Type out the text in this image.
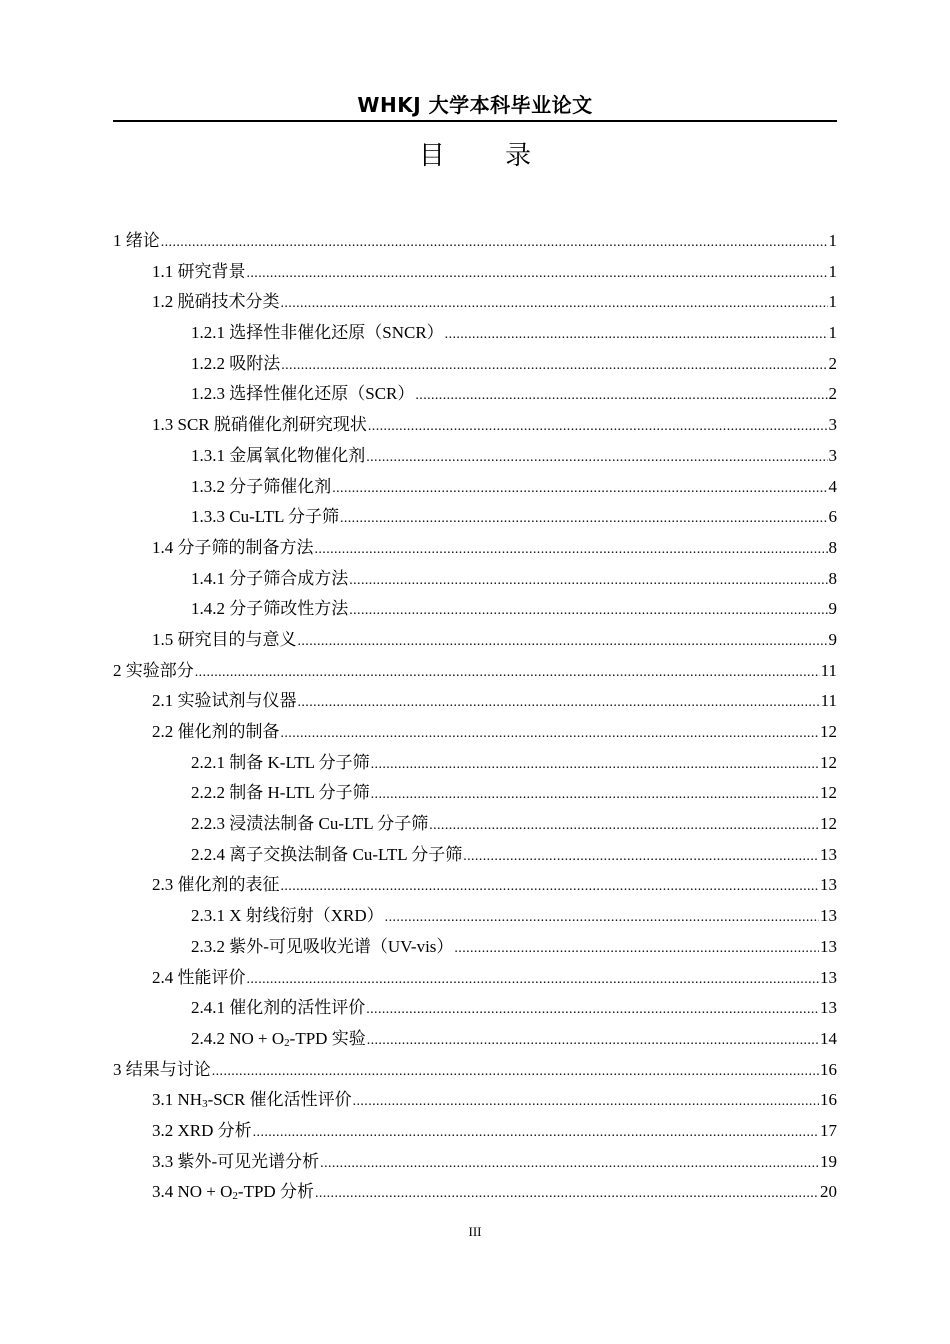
WHKJ 大学本科毕业论文
目 录
1 绪论 .....	1
1.1 研究背景 .....	1
1.2 脱硝技术分类 .....	1
1.2.1 选择性非催化还原（SNCR） .....	1
1.2.2 吸附法 .....	2
1.2.3 选择性催化还原（SCR） .....	2
1.3 SCR 脱硝催化剂研究现状 .....	3
1.3.1 金属氧化物催化剂 .....	3
1.3.2 分子筛催化剂 .....	4
1.3.3 Cu-LTL 分子筛 .....	6
1.4 分子筛的制备方法 .....	8
1.4.1 分子筛合成方法 .....	8
1.4.2 分子筛改性方法 .....	9
1.5 研究目的与意义 .....	9
2 实验部分 .....	11
2.1 实验试剂与仪器 .....	11
2.2 催化剂的制备 .....	12
2.2.1 制备 K-LTL 分子筛 .....	12
2.2.2 制备 H-LTL 分子筛 .....	12
2.2.3 浸渍法制备 Cu-LTL 分子筛 .....	12
2.2.4 离子交换法制备 Cu-LTL 分子筛 .....	13
2.3 催化剂的表征 .....	13
2.3.1 X 射线衍射（XRD） .....	13
2.3.2 紫外-可见吸收光谱（UV-vis） .....	13
2.4 性能评价 .....	13
2.4.1 催化剂的活性评价 .....	13
2.4.2 NO + $O_2$-TPD 实验 .....	14
3 结果与讨论 .....	16
3.1 $NH_3$-SCR 催化活性评价 .....	16
3.2 XRD 分析 .....	17
3.3 紫外-可见光谱分析 .....	19
3.4 NO + $O_2$-TPD 分析 .....	20
III
